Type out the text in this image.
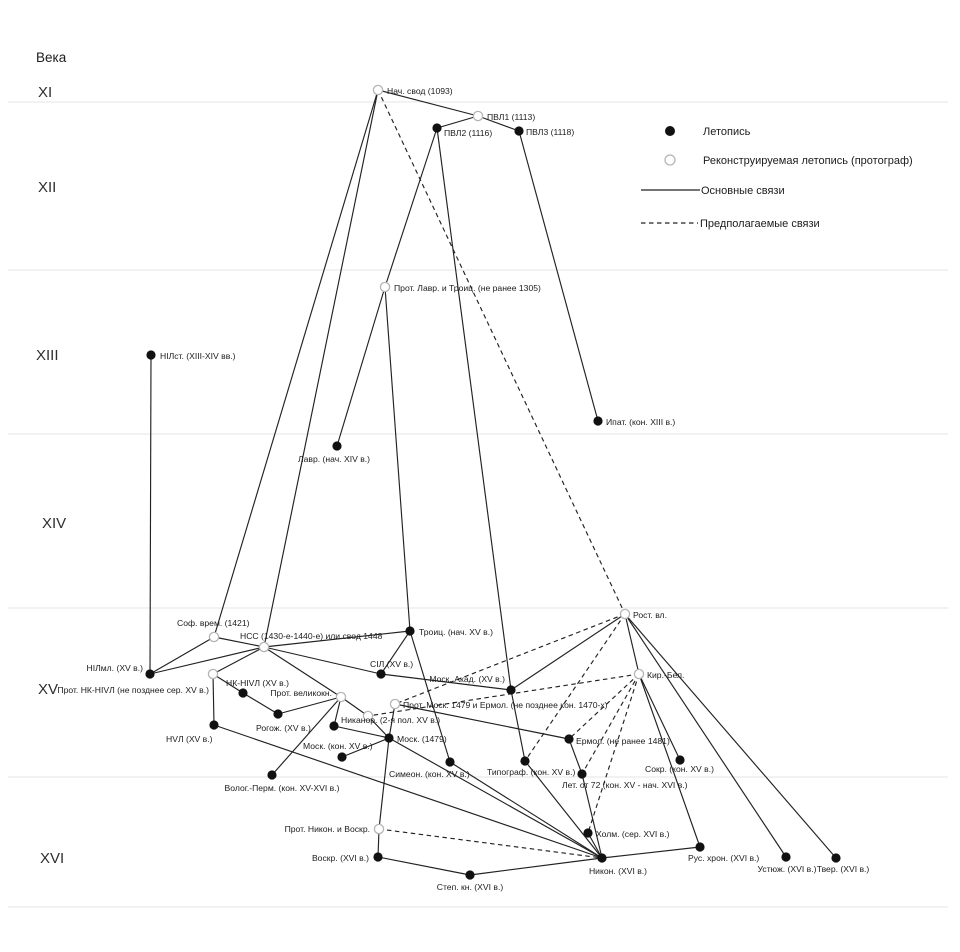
XI
XII
XIII
XIV
XV
XVI
Нач. свод (1093)
ПВЛ1 (1113)
ПВЛ2 (1116)	ПВЛ3 (1118)
Прот. Лавр. и Троиц. (не ранее 1305)
НІЛст. (XIII-XIV вв.)
Ипат. (кон. XIII в.)
Лавр. (нач. XIV в.)
Соф. врем. (1421)
НСС (1430-е-1440-е) или свод 1448
НІЛмл. (XV в.)
Прот. НК-НIVЛ (не позднее сер. XV в.)
НК-НIVЛ (XV в.)
Прот. великокн.
СІЛ (XV в.)
Троиц. (нач. XV в.)
Моск. Акад. (XV в.)
Рост. вл.
Кир.-Бел.
Прот. Моск. 1479 и Ермол. (не позднее кон. 1470-х)
Никанор. (2-я пол. XV в.)
Рогож. (XV в.)
НVЛ (XV в.)
Моск. (кон. XV в.)
Моск. (1479)	Ермол. (не ранее 1481)
Волог.-Перм. (кон. XV-XVI в.)
Симеон. (кон. XV в.) Типограф. (кон. XV в.)
Лет. от 72 (кон. XV - нач. XVI в.)
Сокр. (кон. XV в.)
Прот. Никон. и Воскр.	Холм. (сер. XVI в.)
Воскр. (XVI в.)
Степ. кн. (XVI в.)
Никон. (XVI в.)
Рус. хрон. (XVI в.)
Устюж. (XVI в.) Твер. (XVI в.)
Века
Летопись
Реконструируемая летопись (протограф)
Основные связи
Предполагаемые связи
